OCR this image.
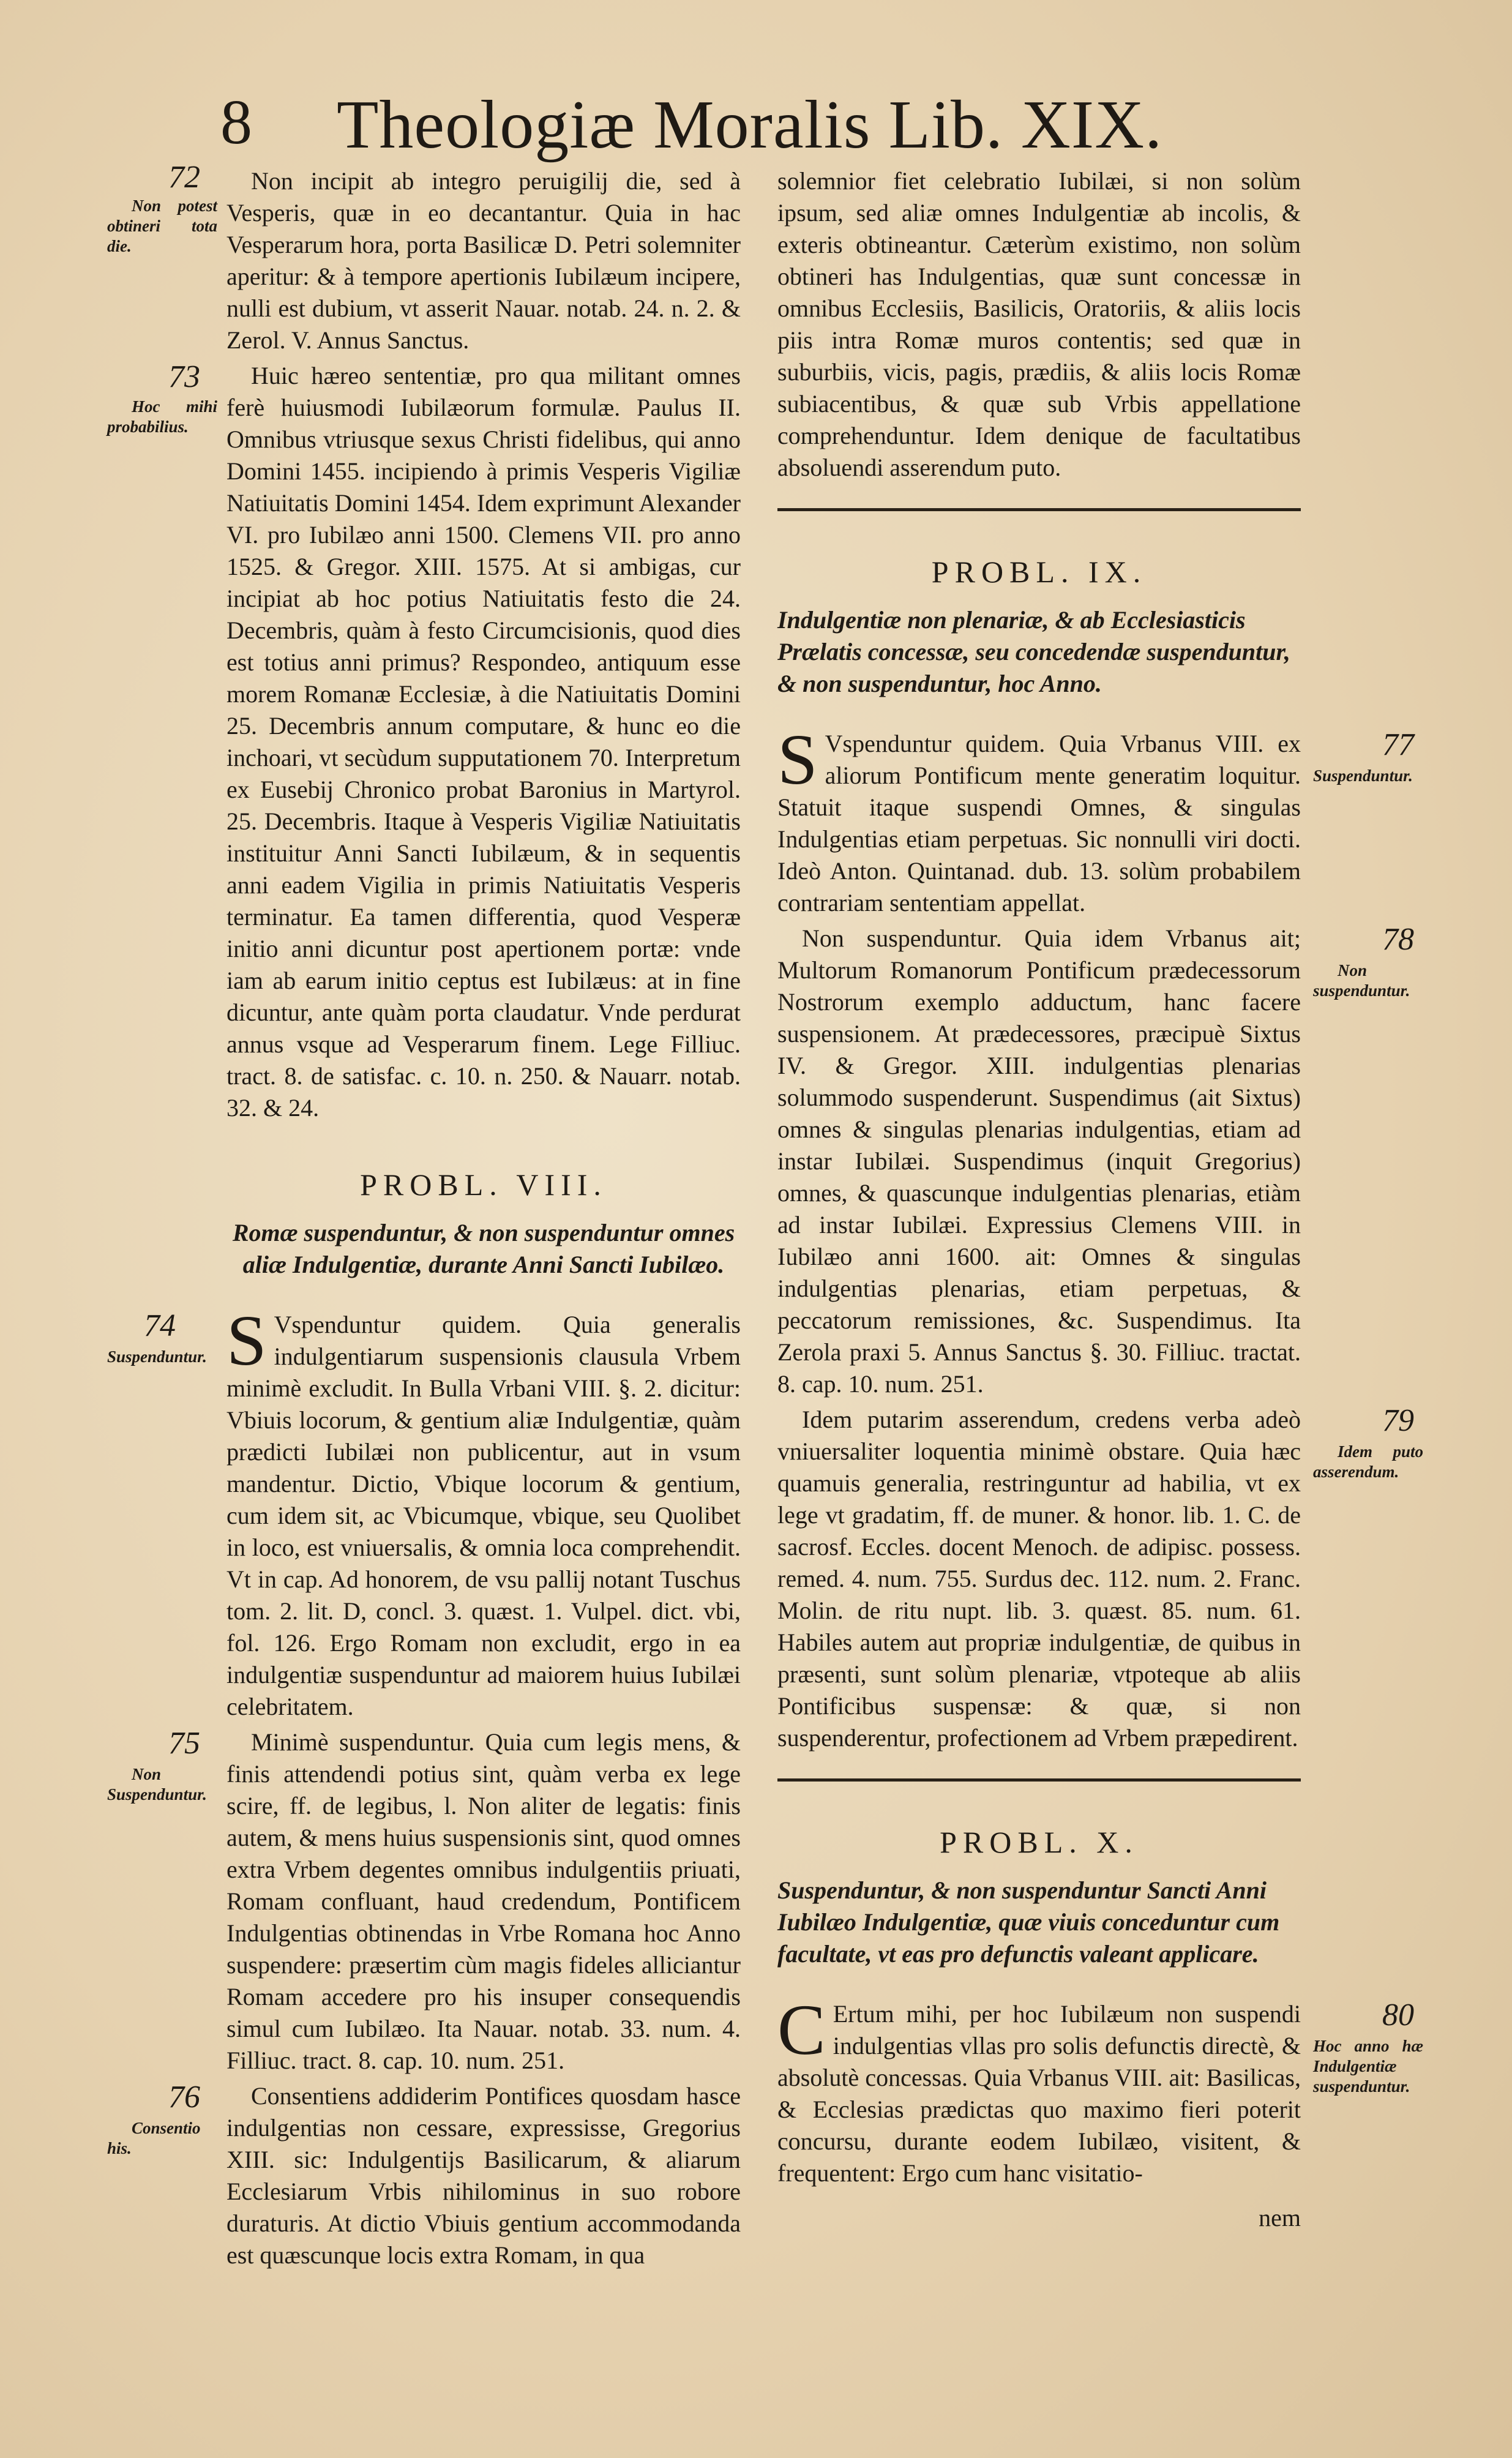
8 Theologiæ Moralis Lib. XIX.

72
Non potest obtineri tota die.
Non incipit ab integro peruigilij die, sed à Vesperis, quæ in eo decantantur. Quia in hac Vesperarum hora, porta Basilicæ D. Petri solemniter aperitur: & à tempore apertionis Iubilæum incipere, nulli est dubium, vt asserit Nauar. notab. 24. n. 2. & Zerol. V. Annus Sanctus.

73
Hoc mihi probabilius.
Huic hæreo sententiæ, pro qua militant omnes ferè huiusmodi Iubilæorum formulæ. Paulus II. Omnibus vtriusque sexus Christi fidelibus, qui anno Domini 1455. incipiendo à primis Vesperis Vigiliæ Natiuitatis Domini 1454. Idem exprimunt Alexander VI. pro Iubilæo anni 1500. Clemens VII. pro anno 1525. & Gregor. XIII. 1575. At si ambigas, cur incipiat ab hoc potius Natiuitatis festo die 24. Decembris, quàm à festo Circumcisionis, quod dies est totius anni primus? Respondeo, antiquum esse morem Romanæ Ecclesiæ, à die Natiuitatis Domini 25. Decembris annum computare, & hunc eo die inchoari, vt secùdum supputationem 70. Interpretum ex Eusebij Chronico probat Baronius in Martyrol. 25. Decembris. Itaque à Vesperis Vigiliæ Natiuitatis instituitur Anni Sancti Iubilæum, & in sequentis anni eadem Vigilia in primis Natiuitatis Vesperis terminatur. Ea tamen differentia, quod Vesperæ initio anni dicuntur post apertionem portæ: vnde iam ab earum initio ceptus est Iubilæus: at in fine dicuntur, ante quàm porta claudatur. Vnde perdurat annus vsque ad Vesperarum finem. Lege Filliuc. tract. 8. de satisfac. c. 10. n. 250. & Nauarr. notab. 32. & 24.

PROBL. VIII.
Romæ suspenduntur, & non suspenduntur omnes aliæ Indulgentiæ, durante Anni Sancti Iubilæo.

74
Suspenduntur. S Vspenduntur quidem. Quia generalis indulgentiarum suspensionis clausula Vrbem minimè excludit. In Bulla Vrbani VIII. §. 2. dicitur: Vbiuis locorum, & gentium aliæ Indulgentiæ, quàm prædicti Iubilæi non publicentur, aut in vsum mandentur. Dictio, Vbique locorum & gentium, cum idem sit, ac Vbicumque, vbique, seu Quolibet in loco, est vniuersalis, & omnia loca comprehendit. Vt in cap. Ad honorem, de vsu pallij notant Tuschus tom. 2. lit. D, concl. 3. quæst. 1. Vulpel. dict. vbi, fol. 126. Ergo Romam non excludit, ergo in ea indulgentiæ suspenduntur ad maiorem huius Iubilæi celebritatem.

75
Non Suspenduntur.
Minimè suspenduntur. Quia cum legis mens, & finis attendendi potius sint, quàm verba ex lege scire, ff. de legibus, l. Non aliter de legatis: finis autem, & mens huius suspensionis sint, quod omnes extra Vrbem degentes omnibus indulgentiis priuati, Romam confluant, haud credendum, Pontificem Indulgentias obtinendas in Vrbe Romana hoc Anno suspendere: præsertim cùm magis fideles alliciantur Romam accedere pro his insuper consequendis simul cum Iubilæo. Ita Nauar. notab. 33. num. 4. Filliuc. tract. 8. cap. 10. num. 251.

76
Consentio his.
Consentiens addiderim Pontifices quosdam hasce indulgentias non cessare, expressisse, Gregorius XIII. sic: Indulgentijs Basilicarum, & aliarum Ecclesiarum Vrbis nihilominus in suo robore duraturis. At dictio Vbiuis gentium accommodanda est quæscunque locis extra Romam, in qua

solemnior fiet celebratio Iubilæi, si non solùm ipsum, sed aliæ omnes Indulgentiæ ab incolis, & exteris obtineantur. Cæterùm existimo, non solùm obtineri has Indulgentias, quæ sunt concessæ in omnibus Ecclesiis, Basilicis, Oratoriis, & aliis locis piis intra Romæ muros contentis; sed quæ in suburbiis, vicis, pagis, prædiis, & aliis locis Romæ subiacentibus, & quæ sub Vrbis appellatione comprehenduntur. Idem denique de facultatibus absoluendi asserendum puto.

PROBL. IX.
Indulgentiæ non plenariæ, & ab Ecclesiasticis Prælatis concessæ, seu concedendæ suspenduntur, & non suspenduntur, hoc Anno.

77
Suspenduntur.
S Vspenduntur quidem. Quia Vrbanus VIII. ex aliorum Pontificum mente generatim loquitur. Statuit itaque suspendi Omnes, & singulas Indulgentias etiam perpetuas. Sic nonnulli viri docti. Ideò Anton. Quintanad. dub. 13. solùm probabilem contrariam sententiam appellat.

78
Non suspenduntur.
Non suspenduntur. Quia idem Vrbanus ait; Multorum Romanorum Pontificum prædecessorum Nostrorum exemplo adductum, hanc facere suspensionem. At prædecessores, præcipuè Sixtus IV. & Gregor. XIII. indulgentias plenarias solummodo suspenderunt. Suspendimus (ait Sixtus) omnes & singulas plenarias indulgentias, etiam ad instar Iubilæi. Suspendimus (inquit Gregorius) omnes, & quascunque indulgentias plenarias, etiàm ad instar Iubilæi. Expressius Clemens VIII. in Iubilæo anni 1600. ait: Omnes & singulas indulgentias plenarias, etiam perpetuas, & peccatorum remissiones, &c. Suspendimus. Ita Zerola praxi 5. Annus Sanctus §. 30. Filliuc. tractat. 8. cap. 10. num. 251.

79
Idem puto asserendum.
Idem putarim asserendum, credens verba adeò vniuersaliter loquentia minimè obstare. Quia hæc quamuis generalia, restringuntur ad habilia, vt ex lege vt gradatim, ff. de muner. & honor. lib. 1. C. de sacrosf. Eccles. docent Menoch. de adipisc. possess. remed. 4. num. 755. Surdus dec. 112. num. 2. Franc. Molin. de ritu nupt. lib. 3. quæst. 85. num. 61. Habiles autem aut propriæ indulgentiæ, de quibus in præsenti, sunt solùm plenariæ, vtpoteque ab aliis Pontificibus suspensæ: & quæ, si non suspenderentur, profectionem ad Vrbem præpedirent.

PROBL. X.
Suspenduntur, & non suspenduntur Sancti Anni Iubilæo Indulgentiæ, quæ viuis conceduntur cum facultate, vt eas pro defunctis valeant applicare.

80
Hoc anno hæ Indulgentiæ suspenduntur.
C Ertum mihi, per hoc Iubilæum non suspendi indulgentias vllas pro solis defunctis directè, & absolutè concessas. Quia Vrbanus VIII. ait: Basilicas, & Ecclesias prædictas quo maximo fieri poterit concursu, durante eodem Iubilæo, visitent, & frequentent: Ergo cum hanc visitatio-

nem
